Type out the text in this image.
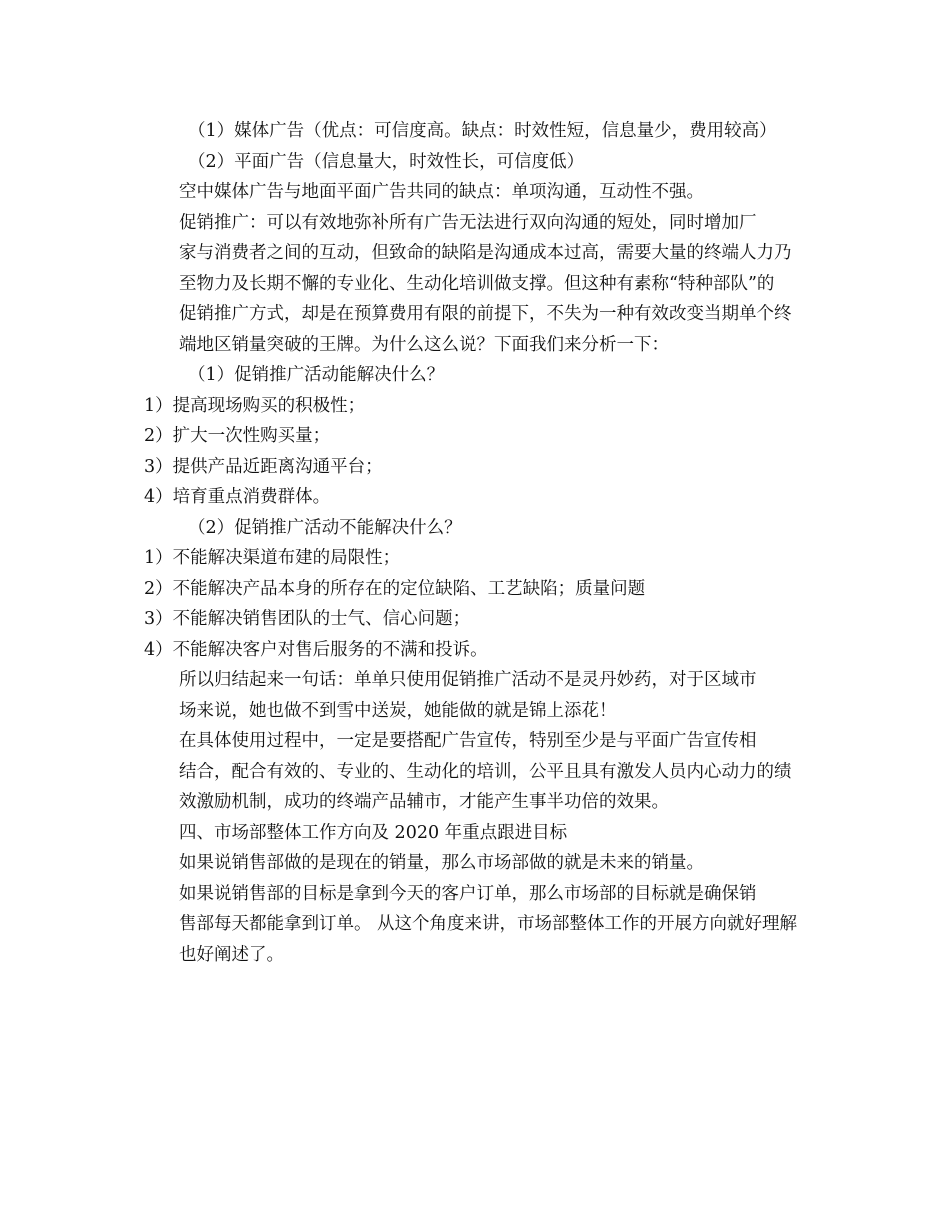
（1）媒体广告（优点：可信度高。缺点：时效性短，信息量少，费用较高）
（2）平面广告（信息量大，时效性长，可信度低）
空中媒体广告与地面平面广告共同的缺点：单项沟通，互动性不强。
促销推广：可以有效地弥补所有广告无法进行双向沟通的短处，同时增加厂
家与消费者之间的互动，但致命的缺陷是沟通成本过高，需要大量的终端人力乃
至物力及长期不懈的专业化、生动化培训做支撑。但这种有素称“特种部队”的
促销推广方式，却是在预算费用有限的前提下，不失为一种有效改变当期单个终
端地区销量突破的王牌。为什么这么说？下面我们来分析一下：
（1）促销推广活动能解决什么？
1）提高现场购买的积极性；
2）扩大一次性购买量；
3）提供产品近距离沟通平台；
4）培育重点消费群体。
（2）促销推广活动不能解决什么？
1）不能解决渠道布建的局限性；
2）不能解决产品本身的所存在的定位缺陷、工艺缺陷；质量问题
3）不能解决销售团队的士气、信心问题；
4）不能解决客户对售后服务的不满和投诉。
所以归结起来一句话：单单只使用促销推广活动不是灵丹妙药，对于区域市
场来说，她也做不到雪中送炭，她能做的就是锦上添花！
在具体使用过程中，一定是要搭配广告宣传，特别至少是与平面广告宣传相
结合，配合有效的、专业的、生动化的培训，公平且具有激发人员内心动力的绩
效激励机制，成功的终端产品辅市，才能产生事半功倍的效果。
四、市场部整体工作方向及 2020 年重点跟进目标
如果说销售部做的是现在的销量，那么市场部做的就是未来的销量。
如果说销售部的目标是拿到今天的客户订单，那么市场部的目标就是确保销
售部每天都能拿到订单。 从这个角度来讲，市场部整体工作的开展方向就好理解
也好阐述了。
